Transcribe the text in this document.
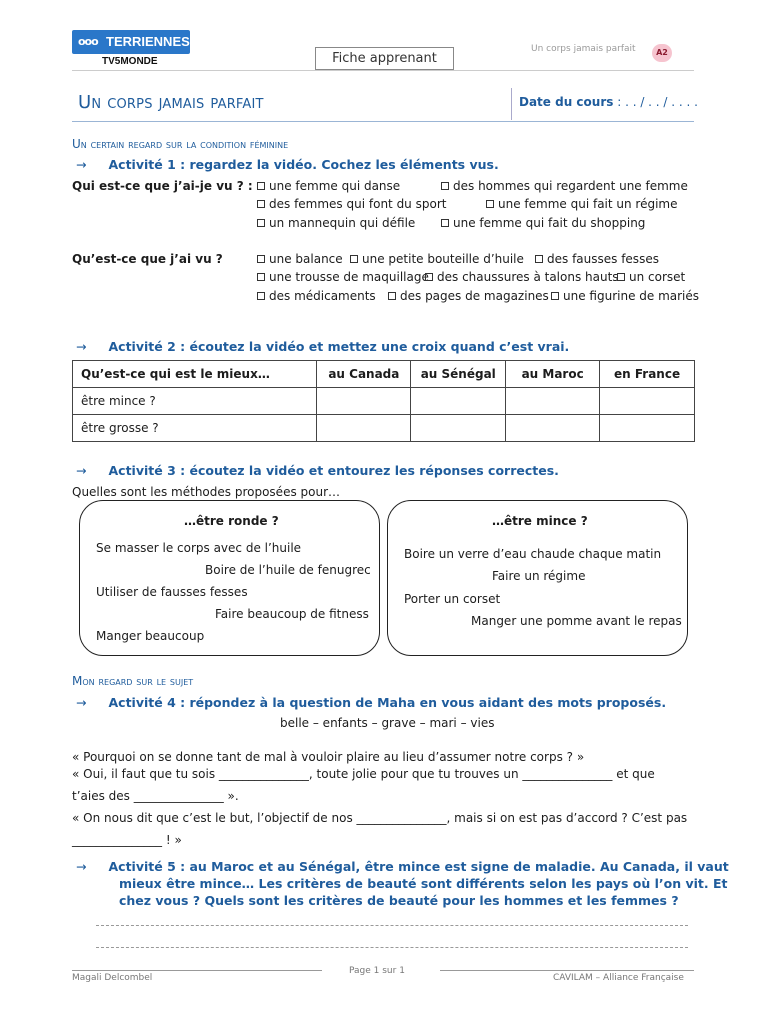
ooo TERRIENNES
TV5MONDE	Fiche apprenant
Un corps jamais parfait	A2
Un corps jamais parfait	Date du cours : . . / . . / . . . .
Un certain regard sur la condition féminine
→ Activité 1 : regardez la vidéo. Cochez les éléments vus.
Qui est-ce que j’ai-je vu ? :	une femme qui danse	des hommes qui regardent une femme
des femmes qui font du sport	une femme qui fait un régime
un mannequin qui défile	une femme qui fait du shopping
Qu’est-ce que j’ai vu ?	une balance	une petite bouteille d’huile	des fausses fesses
une trousse de maquillage des chaussures à talons hauts un corset
des médicaments	des pages de magazines	une figurine de mariés
→ Activité 2 : écoutez la vidéo et mettez une croix quand c’est vrai.
Qu’est-ce qui est le mieux…	au Canada	au Sénégal	au Maroc	en France
être mince ?				
être grosse ?				
→ Activité 3 : écoutez la vidéo et entourez les réponses correctes.
Quelles sont les méthodes proposées pour…
…être ronde ?
Se masser le corps avec de l’huile
Boire de l’huile de fenugrec
Utiliser de fausses fesses
Faire beaucoup de fitness
Manger beaucoup
…être mince ?
Boire un verre d’eau chaude chaque matin
Faire un régime
Porter un corset
Manger une pomme avant le repas
Mon regard sur le sujet
→ Activité 4 : répondez à la question de Maha en vous aidant des mots proposés.
belle – enfants – grave – mari – vies
« Pourquoi on se donne tant de mal à vouloir plaire au lieu d’assumer notre corps ? »
« Oui, il faut que tu sois _______________, toute jolie pour que tu trouves un _______________ et que
t’aies des _______________ ».
« On nous dit que c’est le but, l’objectif de nos _______________, mais si on est pas d’accord ? C’est pas
_______________ ! »
→ Activité 5 : au Maroc et au Sénégal, être mince est signe de maladie. Au Canada, il vaut
mieux être mince… Les critères de beauté sont différents selon les pays où l’on vit. Et
chez vous ? Quels sont les critères de beauté pour les hommes et les femmes ?
Magali Delcombel
Page 1 sur 1
CAVILAM – Alliance Française
